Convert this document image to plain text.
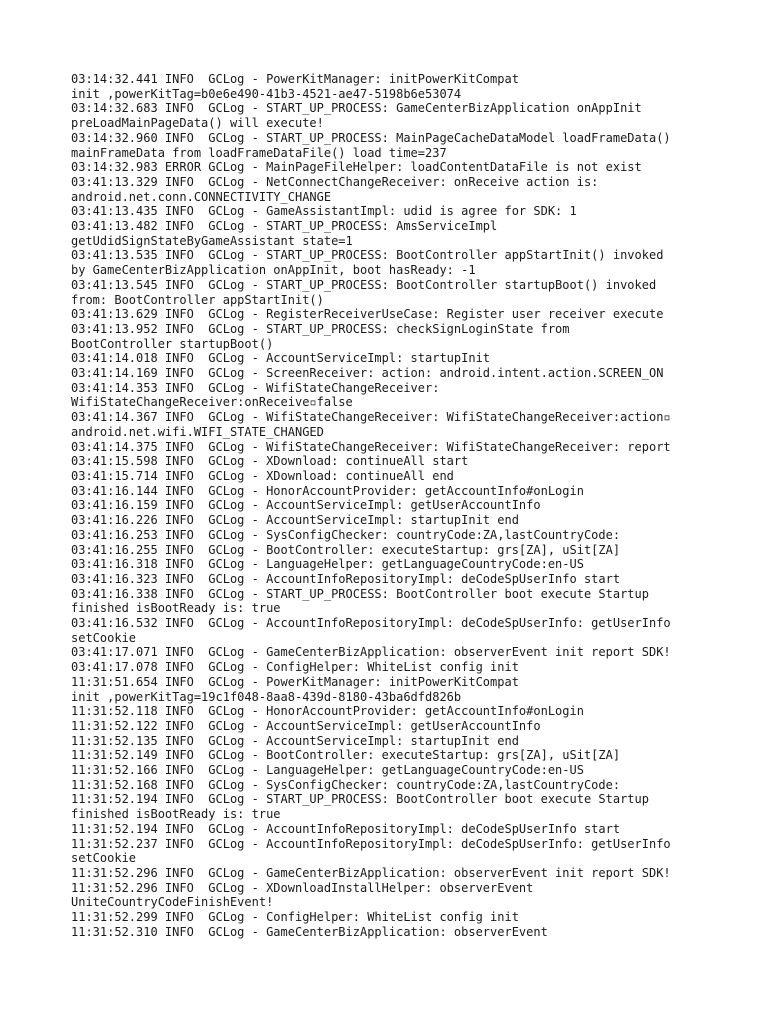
03:14:32.441 INFO  GCLog - PowerKitManager: initPowerKitCompat

init ,powerKitTag=b0e6e490-41b3-4521-ae47-5198b6e53074

03:14:32.683 INFO  GCLog - START_UP_PROCESS: GameCenterBizApplication onAppInit

preLoadMainPageData() will execute!

03:14:32.960 INFO  GCLog - START_UP_PROCESS: MainPageCacheDataModel loadFrameData()

mainFrameData from loadFrameDataFile() load time=237

03:14:32.983 ERROR GCLog - MainPageFileHelper: loadContentDataFile is not exist

03:41:13.329 INFO  GCLog - NetConnectChangeReceiver: onReceive action is:

android.net.conn.CONNECTIVITY_CHANGE

03:41:13.435 INFO  GCLog - GameAssistantImpl: udid is agree for SDK: 1

03:41:13.482 INFO  GCLog - START_UP_PROCESS: AmsServiceImpl

getUdidSignStateByGameAssistant state=1

03:41:13.535 INFO  GCLog - START_UP_PROCESS: BootController appStartInit() invoked

by GameCenterBizApplication onAppInit, boot hasReady: -1

03:41:13.545 INFO  GCLog - START_UP_PROCESS: BootController startupBoot() invoked

from: BootController appStartInit()

03:41:13.629 INFO  GCLog - RegisterReceiverUseCase: Register user receiver execute

03:41:13.952 INFO  GCLog - START_UP_PROCESS: checkSignLoginState from

BootController startupBoot()

03:41:14.018 INFO  GCLog - AccountServiceImpl: startupInit

03:41:14.169 INFO  GCLog - ScreenReceiver: action: android.intent.action.SCREEN_ON

03:41:14.353 INFO  GCLog - WifiStateChangeReceiver:

WifiStateChangeReceiver:onReceive▫false

03:41:14.367 INFO  GCLog - WifiStateChangeReceiver: WifiStateChangeReceiver:action▫

android.net.wifi.WIFI_STATE_CHANGED

03:41:14.375 INFO  GCLog - WifiStateChangeReceiver: WifiStateChangeReceiver: report

03:41:15.598 INFO  GCLog - XDownload: continueAll start

03:41:15.714 INFO  GCLog - XDownload: continueAll end

03:41:16.144 INFO  GCLog - HonorAccountProvider: getAccountInfo#onLogin

03:41:16.159 INFO  GCLog - AccountServiceImpl: getUserAccountInfo

03:41:16.226 INFO  GCLog - AccountServiceImpl: startupInit end

03:41:16.253 INFO  GCLog - SysConfigChecker: countryCode:ZA,lastCountryCode:

03:41:16.255 INFO  GCLog - BootController: executeStartup: grs[ZA], uSit[ZA]

03:41:16.318 INFO  GCLog - LanguageHelper: getLanguageCountryCode:en-US

03:41:16.323 INFO  GCLog - AccountInfoRepositoryImpl: deCodeSpUserInfo start

03:41:16.338 INFO  GCLog - START_UP_PROCESS: BootController boot execute Startup

finished isBootReady is: true

03:41:16.532 INFO  GCLog - AccountInfoRepositoryImpl: deCodeSpUserInfo: getUserInfo

setCookie

03:41:17.071 INFO  GCLog - GameCenterBizApplication: observerEvent init report SDK!

03:41:17.078 INFO  GCLog - ConfigHelper: WhiteList config init

11:31:51.654 INFO  GCLog - PowerKitManager: initPowerKitCompat

init ,powerKitTag=19c1f048-8aa8-439d-8180-43ba6dfd826b

11:31:52.118 INFO  GCLog - HonorAccountProvider: getAccountInfo#onLogin

11:31:52.122 INFO  GCLog - AccountServiceImpl: getUserAccountInfo

11:31:52.135 INFO  GCLog - AccountServiceImpl: startupInit end

11:31:52.149 INFO  GCLog - BootController: executeStartup: grs[ZA], uSit[ZA]

11:31:52.166 INFO  GCLog - LanguageHelper: getLanguageCountryCode:en-US

11:31:52.168 INFO  GCLog - SysConfigChecker: countryCode:ZA,lastCountryCode:

11:31:52.194 INFO  GCLog - START_UP_PROCESS: BootController boot execute Startup

finished isBootReady is: true

11:31:52.194 INFO  GCLog - AccountInfoRepositoryImpl: deCodeSpUserInfo start

11:31:52.237 INFO  GCLog - AccountInfoRepositoryImpl: deCodeSpUserInfo: getUserInfo

setCookie

11:31:52.296 INFO  GCLog - GameCenterBizApplication: observerEvent init report SDK!

11:31:52.296 INFO  GCLog - XDownloadInstallHelper: observerEvent

UniteCountryCodeFinishEvent!

11:31:52.299 INFO  GCLog - ConfigHelper: WhiteList config init

11:31:52.310 INFO  GCLog - GameCenterBizApplication: observerEvent
